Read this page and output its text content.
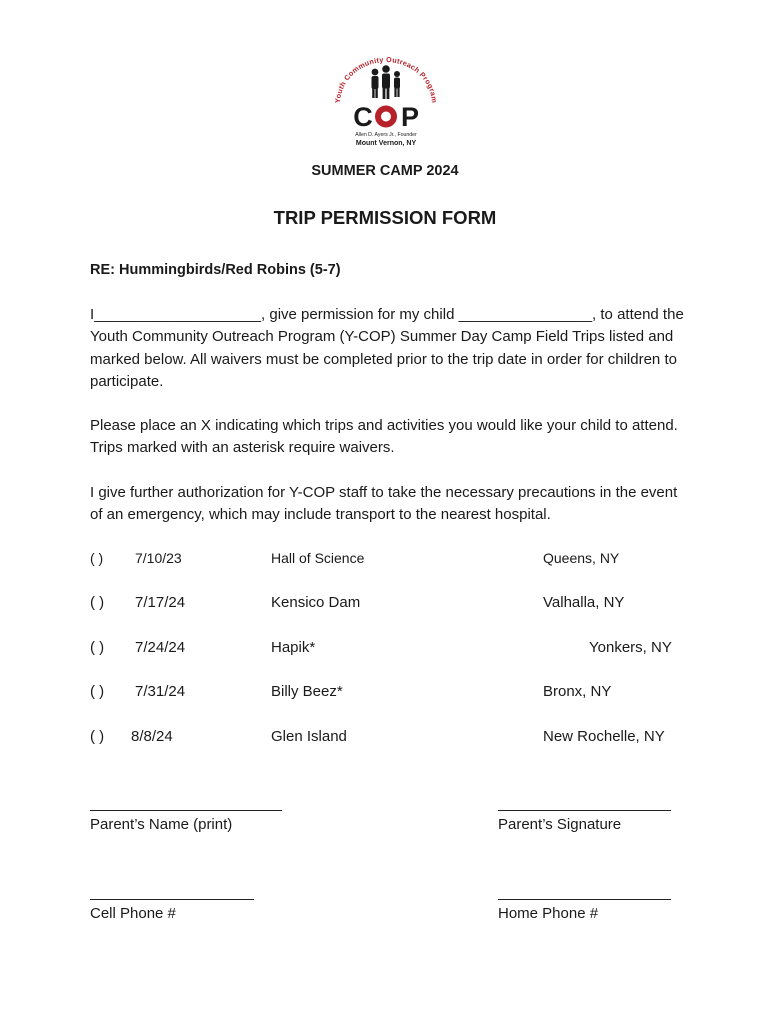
Youth Community Outreach Program
C P
Allen D. Ayers Jr., Founder
Mount Vernon, NY
SUMMER CAMP 2024
TRIP PERMISSION FORM
RE: Hummingbirds/Red Robins (5-7)
I____________________, give permission for my child ________________, to attend the Youth Community Outreach Program (Y-COP) Summer Day Camp Field Trips listed and marked below. All waivers must be completed prior to the trip date in order for children to participate.
Please place an X indicating which trips and activities you would like your child to attend. Trips marked with an asterisk require waivers.
I give further authorization for Y-COP staff to take the necessary precautions in the event of an emergency, which may include transport to the nearest hospital.
( ) 7/10/23	Hall of Science	Queens, NY
( ) 7/17/24	Kensico Dam	Valhalla, NY
( ) 7/24/24	Hapik*	Yonkers, NY
( ) 7/31/24	Billy Beez*	Bronx, NY
( ) 8/8/24	Glen Island	New Rochelle, NY
Parent’s Name (print)	Parent’s Signature
Cell Phone #	Home Phone #
